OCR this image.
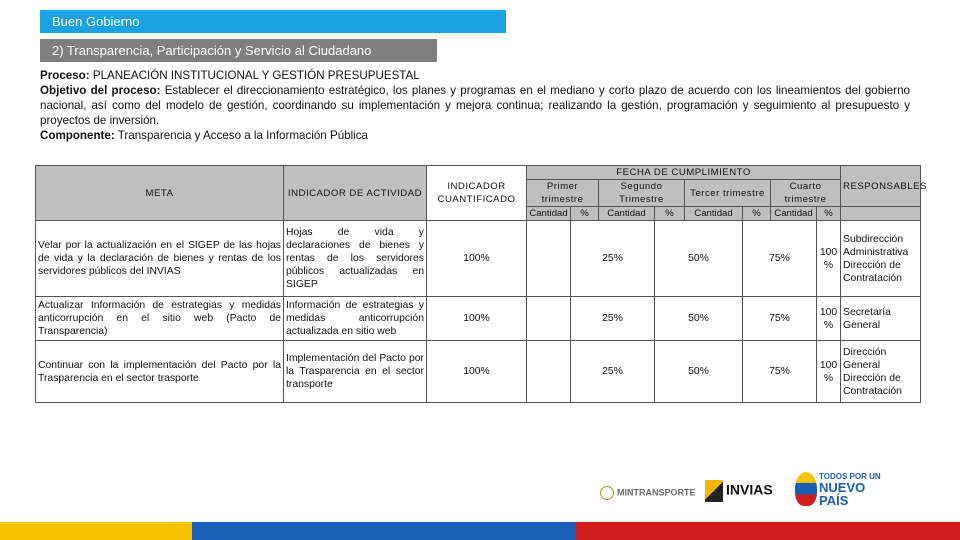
Buen Gobierno
2) Transparencia, Participación y Servicio al Ciudadano

Proceso: PLANEACIÓN INSTITUCIONAL Y GESTIÓN PRESUPUESTAL

Objetivo del proceso: Establecer el direccionamiento estratégico, los planes y programas en el mediano y corto plazo de acuerdo con los lineamientos del gobierno nacional, así como del modelo de gestión, coordinando su implementación y mejora continua; realizando la gestión, programación y seguimiento al presupuesto y proyectos de inversión.

Componente: Transparencia y Acceso a la Información Pública

META	INDICADOR DE ACTIVIDAD	INDICADOR CUANTIFICADO	FECHA DE CUMPLIMIENTO								RESPONSABLES
			Primer trimestre		Segundo Trimestre		Tercer trimestre		Cuarto trimestre		
			Cantidad	%	Cantidad	%	Cantidad	%	Cantidad	%	
Velar por la actualización en el SIGEP de las hojas de vida y la declaración de bienes y rentas de los servidores públicos del INVIAS	Hojas de vida y declaraciones de bienes y rentas de los servidores públicos actualizadas en SIGEP	100%		25%		50%		75%		100 %	Subdirección Administrativa Dirección de Contratación
Actualizar Información de estrategias y medidas anticorrupción en el sitio web (Pacto de Transparencia)	Información de estrategias y medidas anticorrupción actualizada en sitio web	100%		25%		50%		75%		100 %	Secretaría General
Continuar con la implementación del Pacto por la Trasparencia en el sector trasporte	Implementación del Pacto por la Trasparencia en el sector transporte	100%		25%		50%		75%		100 %	Dirección General Dirección de Contratación
MINTRANSPORTE	INVIAS
TODOS POR UN
NUEVO PAÍS
